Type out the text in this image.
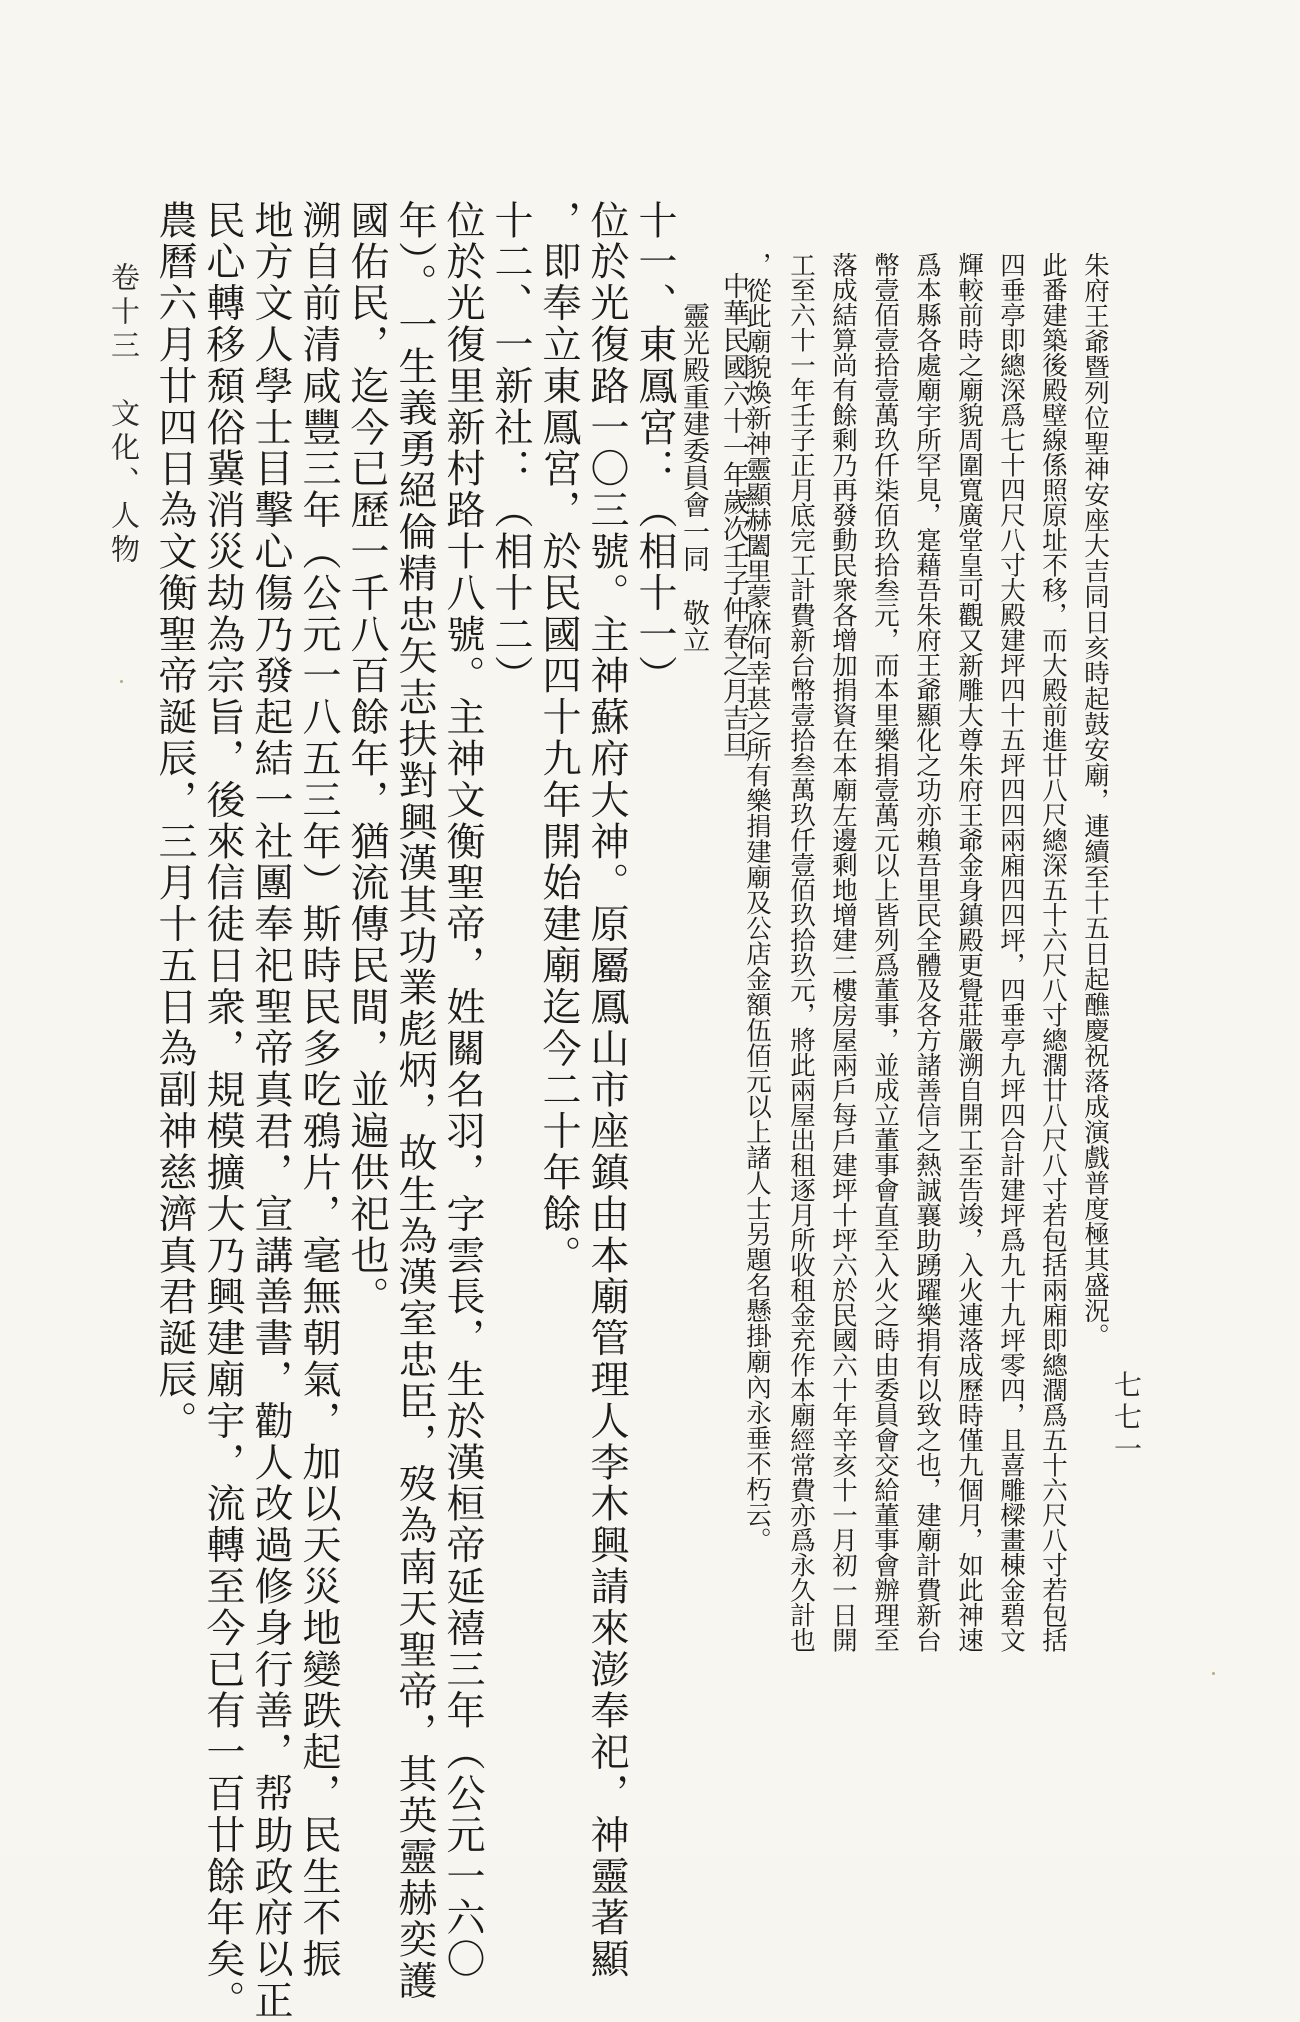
朱府王爺暨列位聖神安座大吉同日亥時起鼓安廟，連續至十五日起醮慶祝落成演戲普度極其盛況。
此番建築後殿壁線係照原址不移，而大殿前進廿八尺總深五十六尺八寸總濶廿八尺八寸若包括兩廂即總濶爲五十六尺八寸若包括
四垂亭即總深爲七十四尺八寸大殿建坪四十五坪四四兩廂四四坪，四垂亭九坪四合計建坪爲九十九坪零四，且喜雕樑畫棟金碧文
輝較前時之廟貌周圍寬廣堂皇可觀又新雕大尊朱府王爺金身鎮殿更覺莊嚴溯自開工至告竣，入火連落成歷時僅九個月，如此神速
爲本縣各處廟宇所罕見，寔藉吾朱府王爺顯化之功亦賴吾里民全體及各方諸善信之熱誠襄助踴躍樂捐有以致之也，建廟計費新台
幣壹佰壹拾壹萬玖仟柒佰玖拾叁元，而本里樂捐壹萬元以上皆列爲董事，並成立董事會直至入火之時由委員會交給董事會辦理至
落成結算尚有餘剩乃再發動民衆各增加捐資在本廟左邊剩地增建二樓房屋兩戶每戶建坪十坪六於民國六十年辛亥十一月初一日開
工至六十一年壬子正月底完工計費新台幣壹拾叁萬玖仟壹佰玖拾玖元，將此兩屋出租逐月所收租金充作本廟經常費亦爲永久計也
，從此廟貌煥新神靈顯赫闔里蒙庥何幸甚之所有樂捐建廟及公店金額伍佰元以上諸人士另題名懸掛廟內永垂不朽云。
中華民國六十一年歲次壬子仲春之月吉旦
靈光殿重建委員會一同　敬立
十一、東鳳宮：（相十一）
位於光復路一〇三號。主神蘇府大神。原屬鳳山市座鎮由本廟管理人李木興請來澎奉祀，神靈著顯
，即奉立東鳳宮，於民國四十九年開始建廟迄今二十年餘。
十二、一新社：（相十二）
位於光復里新村路十八號。主神文衡聖帝，姓關名羽，字雲長，生於漢桓帝延禧三年（公元一六〇
年）。一生義勇絕倫精忠矢志扶對興漢其功業彪炳，故生為漢室忠臣，歿為南天聖帝，其英靈赫奕護
國佑民，迄今已歷一千八百餘年，猶流傳民間，並遍供祀也。
溯自前清咸豐三年（公元一八五三年）斯時民多吃鴉片，毫無朝氣，加以天災地變跌起，民生不振
地方文人學士目擊心傷乃發起結一社團奉祀聖帝真君，宣講善書，勸人改過修身行善，帮助政府以正
民心轉移頹俗冀消災劫為宗旨，後來信徒日衆，規模擴大乃興建廟宇，流轉至今已有一百廿餘年矣。
農曆六月廿四日為文衡聖帝誕辰，三月十五日為副神慈濟真君誕辰。
卷十三　文化、人物
七七一
